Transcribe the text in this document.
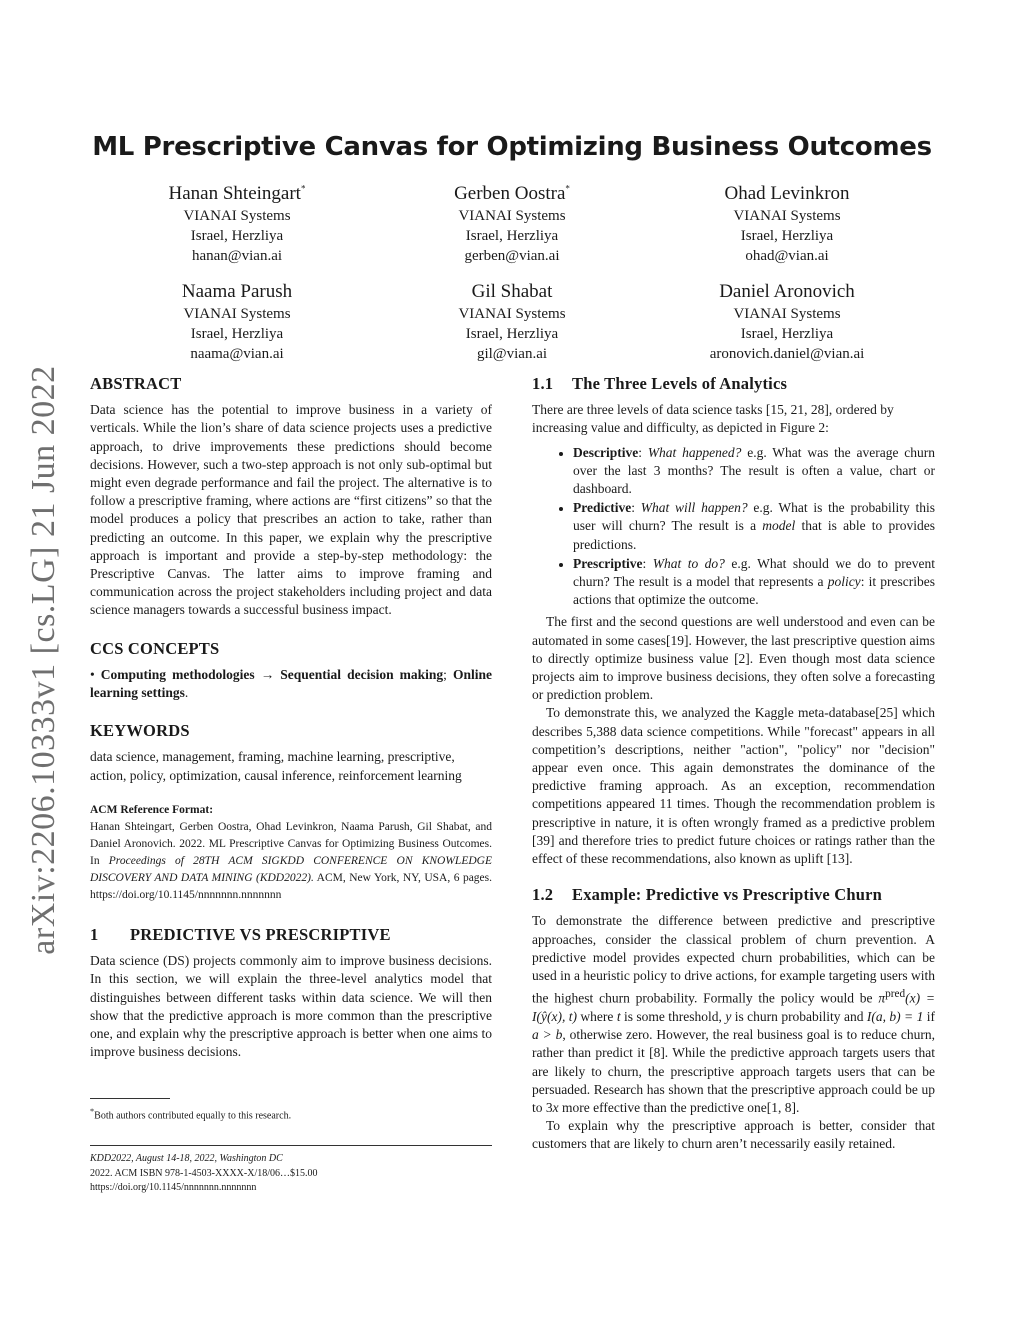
ML Prescriptive Canvas for Optimizing Business Outcomes
Hanan Shteingart*
VIANAI Systems
Israel, Herzliya
hanan@vian.ai
Gerben Oostra*
VIANAI Systems
Israel, Herzliya
gerben@vian.ai
Ohad Levinkron
VIANAI Systems
Israel, Herzliya
ohad@vian.ai
Naama Parush
VIANAI Systems
Israel, Herzliya
naama@vian.ai
Gil Shabat
VIANAI Systems
Israel, Herzliya
gil@vian.ai
Daniel Aronovich
VIANAI Systems
Israel, Herzliya
aronovich.daniel@vian.ai
arXiv:2206.10333v1 [cs.LG] 21 Jun 2022 ABSTRACT

Data science has the potential to improve business in a variety of verticals. While the lion’s share of data science projects uses a predictive approach, to drive improvements these predictions should become decisions. However, such a two-step approach is not only sub-optimal but might even degrade performance and fail the project. The alternative is to follow a prescriptive framing, where actions are “first citizens” so that the model produces a policy that prescribes an action to take, rather than predicting an outcome. In this paper, we explain why the prescriptive approach is important and provide a step-by-step methodology: the Prescriptive Canvas. The latter aims to improve framing and communication across the project stakeholders including project and data science managers towards a successful business impact.

CCS CONCEPTS

• Computing methodologies → Sequential decision making; Online learning settings.

KEYWORDS

data science, management, framing, machine learning, prescriptive, action, policy, optimization, causal inference, reinforcement learning

ACM Reference Format:

Hanan Shteingart, Gerben Oostra, Ohad Levinkron, Naama Parush, Gil Shabat, and Daniel Aronovich. 2022. ML Prescriptive Canvas for Optimizing Business Outcomes. In Proceedings of 28TH ACM SIGKDD CONFERENCE ON KNOWLEDGE DISCOVERY AND DATA MINING (KDD2022). ACM, New York, NY, USA, 6 pages. https://doi.org/10.1145/nnnnnnn.nnnnnnn

1 PREDICTIVE VS PRESCRIPTIVE

Data science (DS) projects commonly aim to improve business decisions. In this section, we will explain the three-level analytics model that distinguishes between different tasks within data science. We will then show that the predictive approach is more common than the prescriptive one, and explain why the prescriptive approach is better when one aims to improve business decisions.

*Both authors contributed equally to this research.

KDD2022, August 14-18, 2022, Washington DC

2022. ACM ISBN 978-1-4503-XXXX-X/18/06…$15.00

https://doi.org/10.1145/nnnnnnn.nnnnnnn

1.1 The Three Levels of Analytics

There are three levels of data science tasks [15, 21, 28], ordered by increasing value and difficulty, as depicted in Figure 2:

• Descriptive: What happened? e.g. What was the average churn over the last 3 months? The result is often a value, chart or dashboard.
• Predictive: What will happen? e.g. What is the probability this user will churn? The result is a model that is able to provides predictions.
• Prescriptive: What to do? e.g. What should we do to prevent churn? The result is a model that represents a policy: it prescribes actions that optimize the outcome.

The first and the second questions are well understood and even can be automated in some cases[19]. However, the last prescriptive question aims to directly optimize business value [2]. Even though most data science projects aim to improve business decisions, they often solve a forecasting or prediction problem.

To demonstrate this, we analyzed the Kaggle meta-database[25] which describes 5,388 data science competitions. While "forecast" appears in all competition’s descriptions, neither "action", "policy" nor "decision" appear even once. This again demonstrates the dominance of the predictive framing approach. As an exception, recommendation competitions appeared 11 times. Though the recommendation problem is prescriptive in nature, it is often wrongly framed as a predictive problem [39] and therefore tries to predict future choices or ratings rather than the effect of these recommendations, also known as uplift [13].

1.2 Example: Predictive vs Prescriptive Churn

To demonstrate the difference between predictive and prescriptive approaches, consider the classical problem of churn prevention. A predictive model provides expected churn probabilities, which can be used in a heuristic policy to drive actions, for example targeting users with the highest churn probability. Formally the policy would be $\pi^{pred}(x)$ = I(ŷ(x), t) where t is some threshold, y is churn probability and I(a, b) = 1 if a > b, otherwise zero. However, the real business goal is to reduce churn, rather than predict it [8]. While the predictive approach targets users that are likely to churn, the prescriptive approach targets users that can be persuaded. Research has shown that the prescriptive approach could be up to 3x more effective than the predictive one[1, 8].

To explain why the prescriptive approach is better, consider that customers that are likely to churn aren’t necessarily easily retained.
